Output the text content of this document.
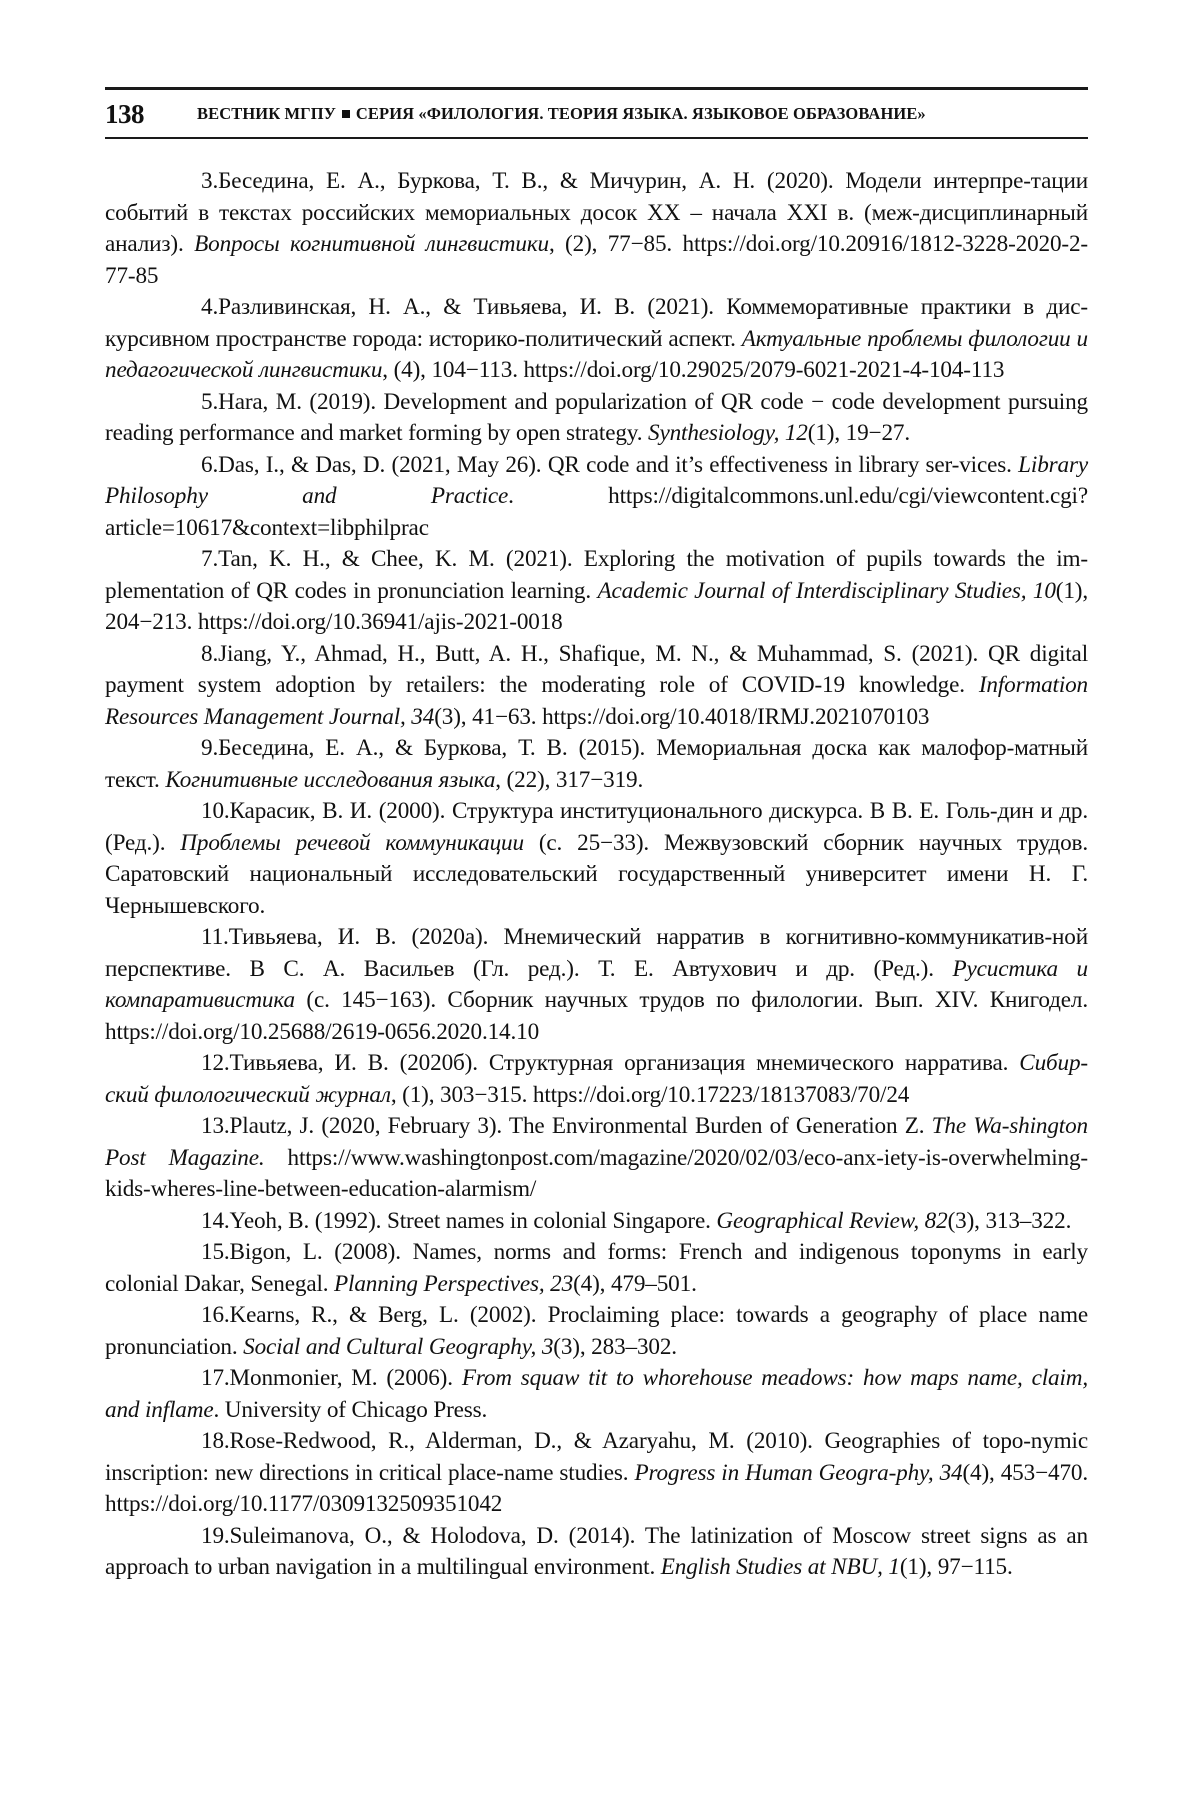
138	ВЕСТНИК МГПУ СЕРИЯ «ФИЛОЛОГИЯ. ТЕОРИЯ ЯЗЫКА. ЯЗЫКОВОЕ ОБРАЗОВАНИЕ»

3.Беседина, Е. А., Буркова, Т. В., & Мичурин, А. Н. (2020). Модели интерпре-тации событий в текстах российских мемориальных досок XX – начала XXI в. (меж-дисциплинарный анализ). Вопросы когнитивной лингвистики, (2), 77−85. https://doi.org/10.20916/1812-3228-2020-2-77-85

4.Разливинская, Н. А., & Тивьяева, И. В. (2021). Коммеморативные практики в дис-курсивном пространстве города: историко-политический аспект. Актуальные проблемы филологии и педагогической лингвистики, (4), 104−113. https://doi.org/10.29025/2079-6021-2021-4-104-113

5.Hara, M. (2019). Development and popularization of QR code − code development pursuing reading performance and market forming by open strategy. Synthesiology, 12(1), 19−27.

6.Das, I., & Das, D. (2021, May 26). QR code and it’s effectiveness in library ser-vices. Library Philosophy and Practice. https://digitalcommons.unl.edu/cgi/viewcontent.cgi?article=10617&context=libphilprac

7.Tan, K. H., & Chee, K. M. (2021). Exploring the motivation of pupils towards the im-plementation of QR codes in pronunciation learning. Academic Journal of Interdisciplinary Studies, 10(1), 204−213. https://doi.org/10.36941/ajis-2021-0018

8.Jiang, Y., Ahmad, H., Butt, A. H., Shafique, M. N., & Muhammad, S. (2021). QR digital payment system adoption by retailers: the moderating role of COVID-19 knowledge. Information Resources Management Journal, 34(3), 41−63. https://doi.org/10.4018/IRMJ.2021070103

9.Беседина, Е. А., & Буркова, Т. В. (2015). Мемориальная доска как малофор-матный текст. Когнитивные исследования языка, (22), 317−319.

10.Карасик, В. И. (2000). Структура институционального дискурса. В В. Е. Голь-дин и др. (Ред.). Проблемы речевой коммуникации (с. 25−33). Межвузовский сборник научных трудов. Саратовский национальный исследовательский государственный университет имени Н. Г. Чернышевского.

11.Тивьяева, И. В. (2020а). Мнемический нарратив в когнитивно-коммуникатив-ной перспективе. В С. А. Васильев (Гл. ред.). Т. Е. Автухович и др. (Ред.). Русистика и компаративистика (с. 145−163). Сборник научных трудов по филологии. Вып. XIV. Книгодел. https://doi.org/10.25688/2619-0656.2020.14.10

12.Тивьяева, И. В. (2020б). Структурная организация мнемического нарратива. Сибир-ский филологический журнал, (1), 303−315. https://doi.org/10.17223/18137083/70/24

13.Plautz, J. (2020, February 3). The Environmental Burden of Generation Z. The Wa-shington Post Magazine. https://www.washingtonpost.com/magazine/2020/02/03/eco-anx-iety-is-overwhelming-kids-wheres-line-between-education-alarmism/

14.Yeoh, B. (1992). Street names in colonial Singapore. Geographical Review, 82(3), 313–322.

15.Bigon, L. (2008). Names, norms and forms: French and indigenous toponyms in early colonial Dakar, Senegal. Planning Perspectives, 23(4), 479–501.

16.Kearns, R., & Berg, L. (2002). Proclaiming place: towards a geography of place name pronunciation. Social and Cultural Geography, 3(3), 283–302.

17.Monmonier, M. (2006). From squaw tit to whorehouse meadows: how maps name, claim, and inflame. University of Chicago Press.

18.Rose-Redwood, R., Alderman, D., & Azaryahu, M. (2010). Geographies of topo-nymic inscription: new directions in critical place-name studies. Progress in Human Geogra-phy, 34(4), 453−470. https://doi.org/10.1177/0309132509351042

19.Suleimanova, O., & Holodova, D. (2014). The latinization of Moscow street signs as an approach to urban navigation in a multilingual environment. English Studies at NBU, 1(1), 97−115.
